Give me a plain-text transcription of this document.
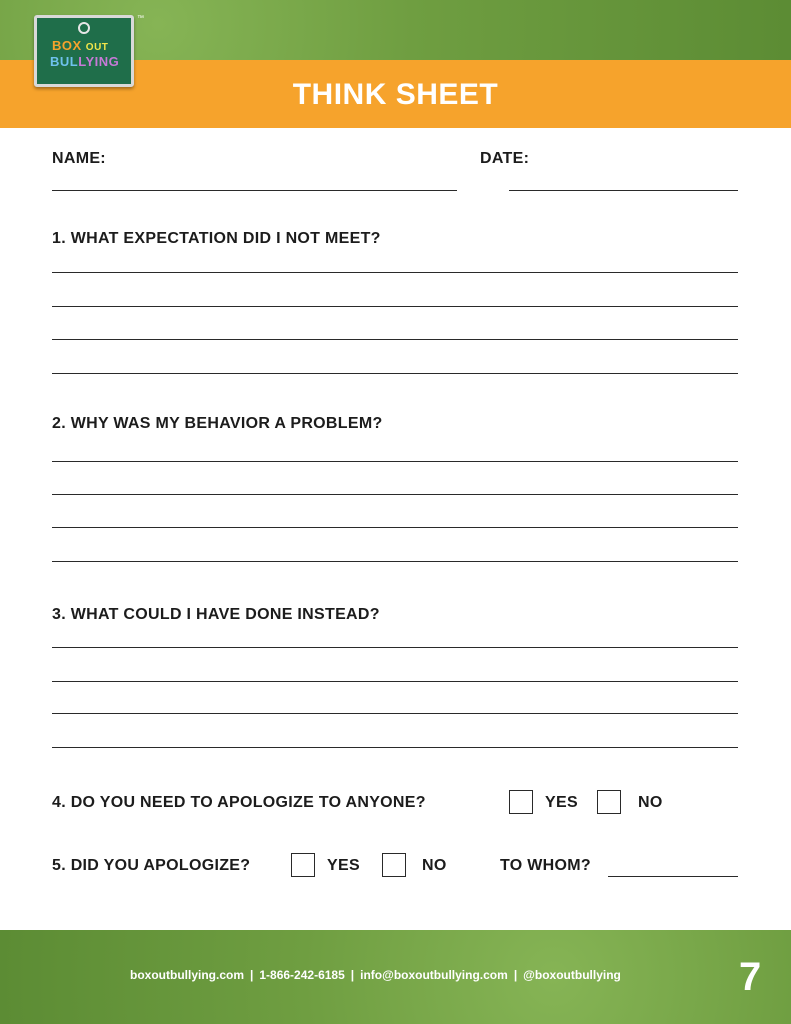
THINK SHEET
BOX OUT
BULLYING
™
NAME:	DATE:
1. WHAT EXPECTATION DID I NOT MEET?
2. WHY WAS MY BEHAVIOR A PROBLEM?
3. WHAT COULD I HAVE DONE INSTEAD?
4. DO YOU NEED TO APOLOGIZE TO ANYONE?	YES	NO
5. DID YOU APOLOGIZE?	YES	NO	TO WHOM?
boxoutbullying.com | 1-866-242-6185 | info@boxoutbullying.com | @boxoutbullying	7
